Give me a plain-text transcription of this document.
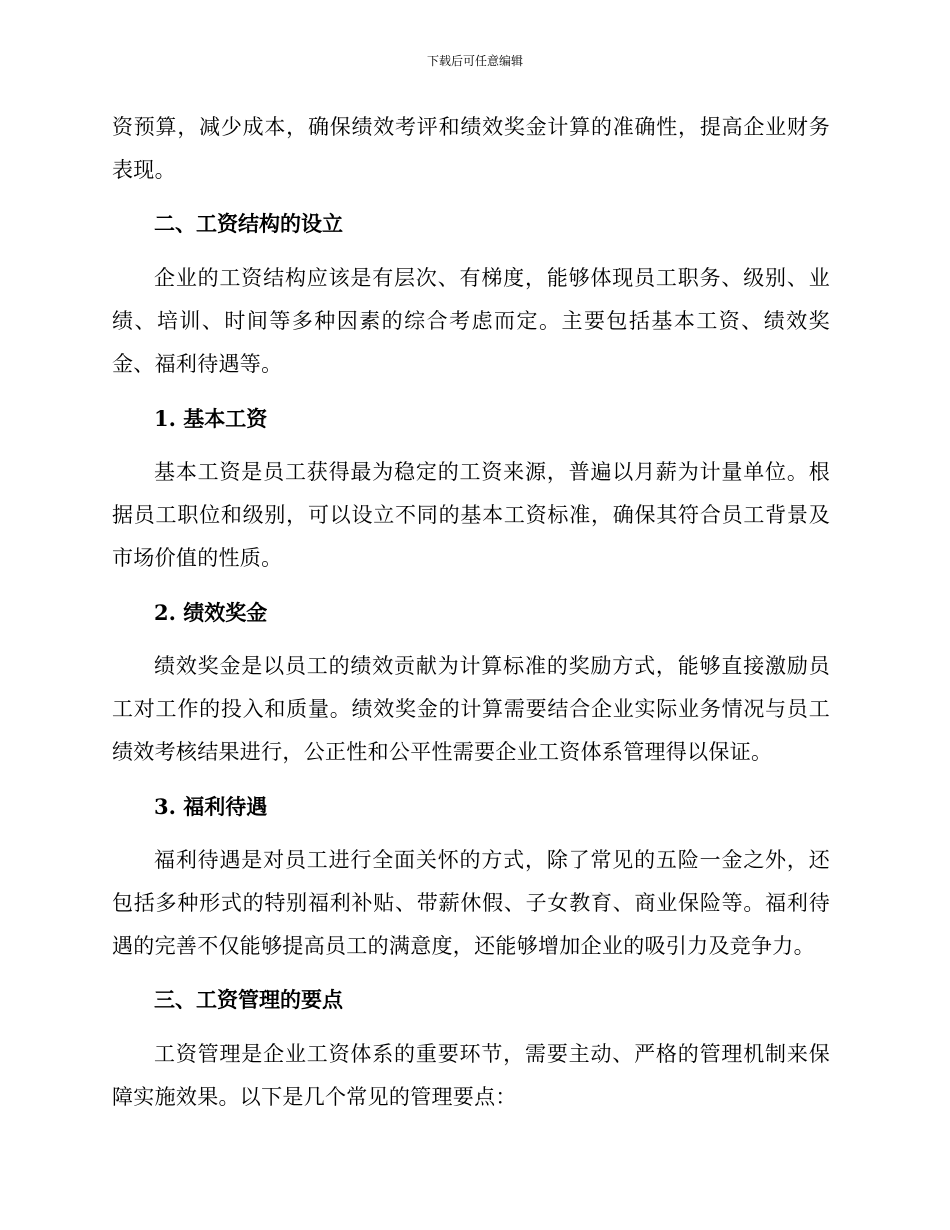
下载后可任意编辑

资预算，减少成本，确保绩效考评和绩效奖金计算的准确性，提高企业财务表现。

二、工资结构的设立

企业的工资结构应该是有层次、有梯度，能够体现员工职务、级别、业绩、培训、时间等多种因素的综合考虑而定。主要包括基本工资、绩效奖金、福利待遇等。

1. 基本工资

基本工资是员工获得最为稳定的工资来源，普遍以月薪为计量单位。根据员工职位和级别，可以设立不同的基本工资标准，确保其符合员工背景及市场价值的性质。

2. 绩效奖金

绩效奖金是以员工的绩效贡献为计算标准的奖励方式，能够直接激励员工对工作的投入和质量。绩效奖金的计算需要结合企业实际业务情况与员工绩效考核结果进行，公正性和公平性需要企业工资体系管理得以保证。

3. 福利待遇

福利待遇是对员工进行全面关怀的方式，除了常见的五险一金之外，还包括多种形式的特别福利补贴、带薪休假、子女教育、商业保险等。福利待遇的完善不仅能够提高员工的满意度，还能够增加企业的吸引力及竞争力。

三、工资管理的要点

工资管理是企业工资体系的重要环节，需要主动、严格的管理机制来保障实施效果。以下是几个常见的管理要点：
